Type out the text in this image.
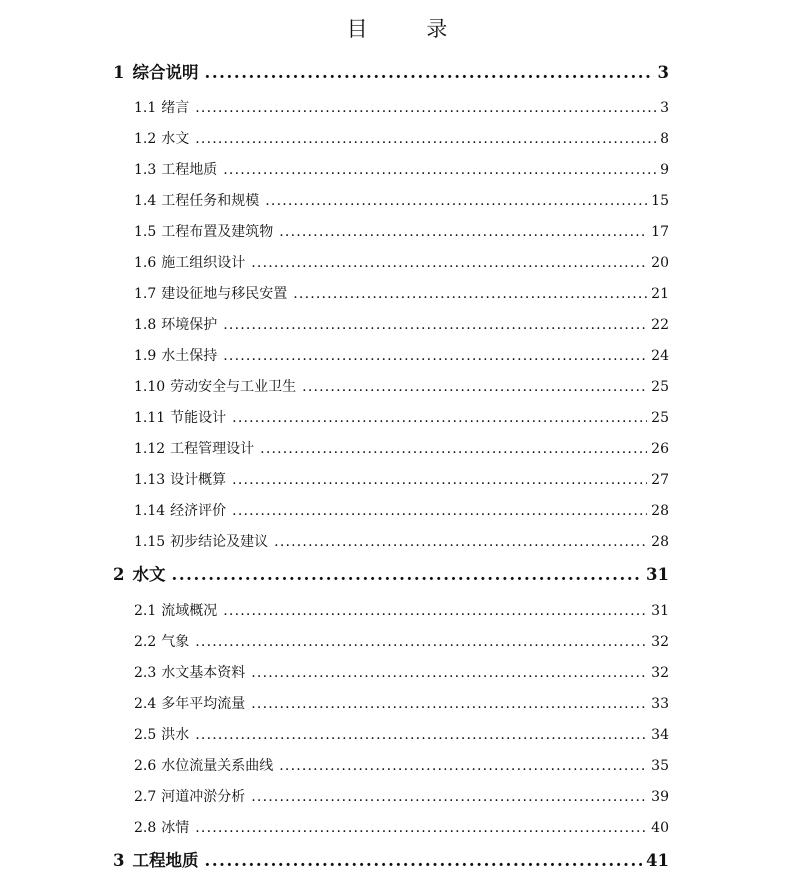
目 录
1 综合说明 .....	3
1.1 绪言 .....	3
1.2 水文 .....	8
1.3 工程地质 .....	9
1.4 工程任务和规模 .....	15
1.5 工程布置及建筑物 .....	17
1.6 施工组织设计 .....	20
1.7 建设征地与移民安置 .....	21
1.8 环境保护 .....	22
1.9 水土保持 .....	24
1.10 劳动安全与工业卫生 .....	25
1.11 节能设计 .....	25
1.12 工程管理设计 .....	26
1.13 设计概算 .....	27
1.14 经济评价 .....	28
1.15 初步结论及建议 .....	28
2 水文 .....	31
2.1 流域概况 .....	31
2.2 气象 .....	32
2.3 水文基本资料 .....	32
2.4 多年平均流量 .....	33
2.5 洪水 .....	34
2.6 水位流量关系曲线 .....	35
2.7 河道冲淤分析 .....	39
2.8 冰情 .....	40
3 工程地质 .....	41
